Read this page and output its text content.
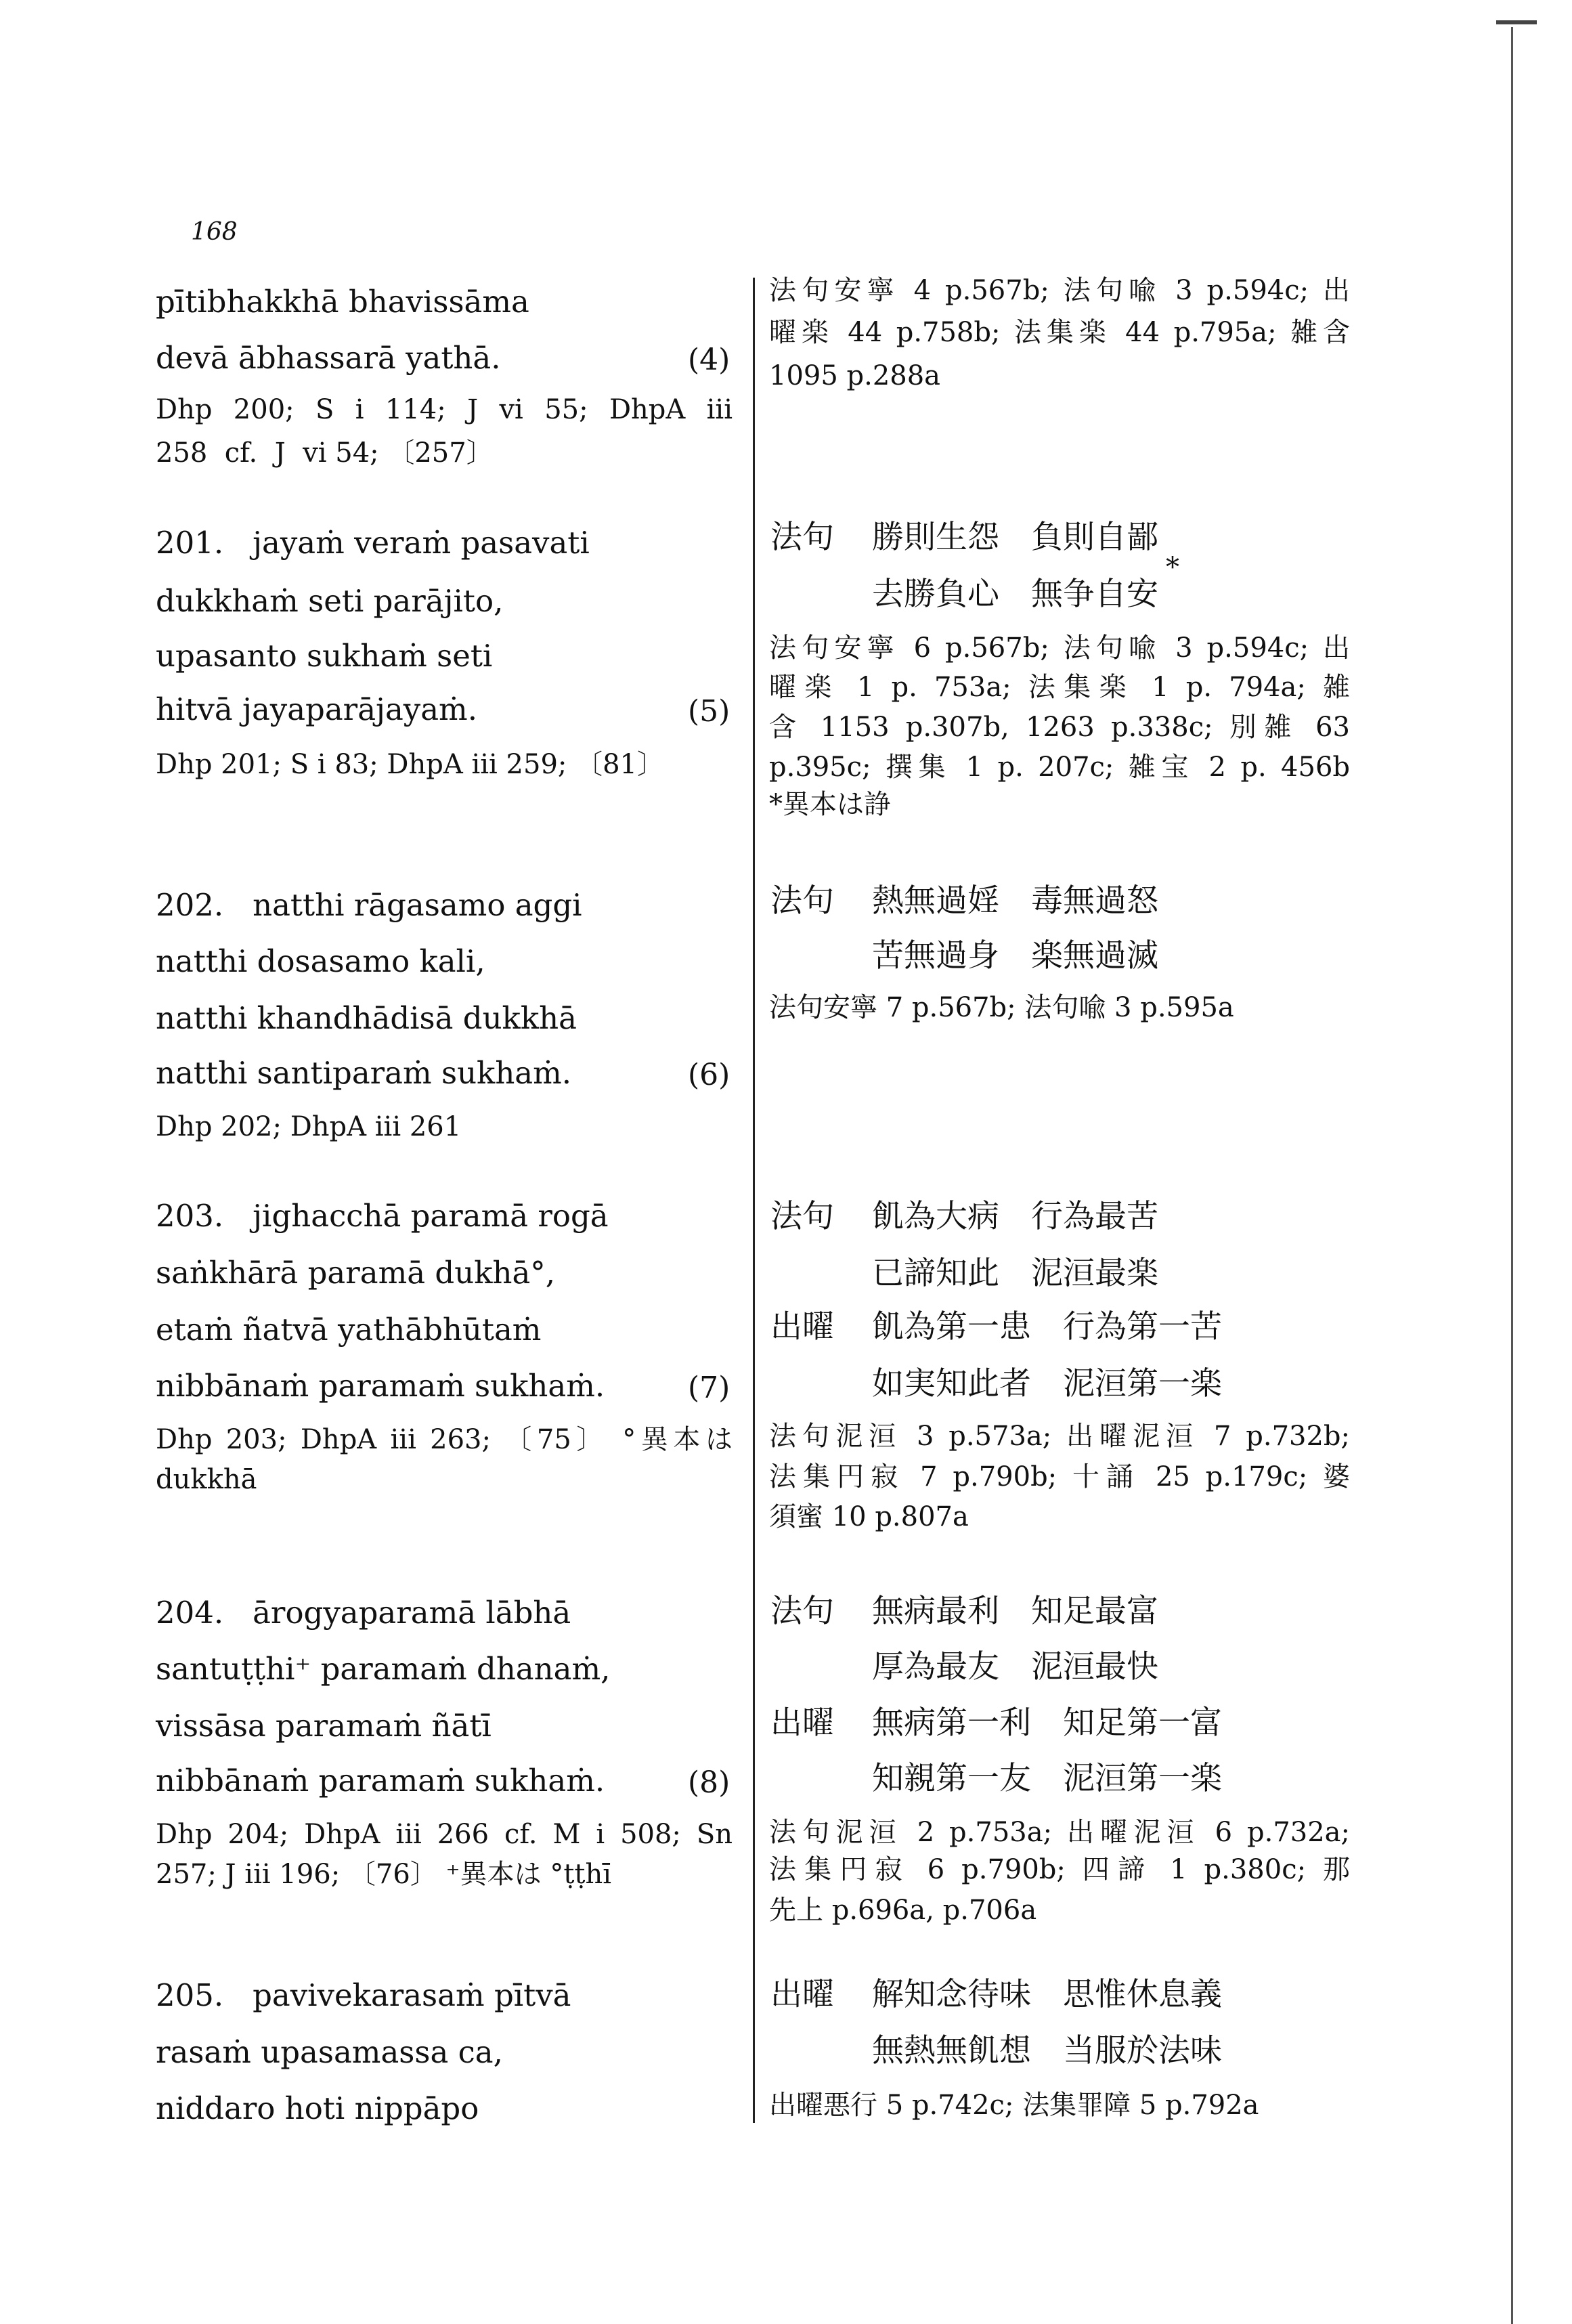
168
pītibhakkhā bhavissāma
devā ābhassarā yathā.
Dhp 200; S i 114; J vi 55; DhpA iii
258  cf.  J  vi 54; 〔257〕
201.   jayaṁ veraṁ pasavati
dukkhaṁ seti parājito,
upasanto sukhaṁ seti
hitvā jayaparājayaṁ.
Dhp 201; S i 83; DhpA iii 259; 〔81〕
202.   natthi rāgasamo aggi
natthi dosasamo kali,
natthi khandhādisā dukkhā
natthi santiparaṁ sukhaṁ.
Dhp 202; DhpA iii 261
203.   jighacchā paramā rogā
saṅkhārā paramā dukhā°,
etaṁ ñatvā yathābhūtaṁ
nibbānaṁ paramaṁ sukhaṁ.
Dhp 203; DhpA iii 263; 〔75〕 °異本は
dukkhā
204.   ārogyaparamā lābhā
santuṭṭhi⁺ paramaṁ dhanaṁ,
vissāsa paramaṁ ñātī
nibbānaṁ paramaṁ sukhaṁ.
Dhp 204; DhpA iii 266 cf. M i 508; Sn
257; J iii 196; 〔76〕 ⁺異本は °ṭṭhī
205.   pavivekarasaṁ pītvā
rasaṁ upasamassa ca,
niddaro hoti nippāpo
(4)
(5)
(6)
(7)
(8)
法句安寧 4 p.567b; 法句喩 3 p.594c; 出
曜楽 44 p.758b; 法集楽 44 p.795a; 雑含
1095 p.288a
法句 勝則生怨　負則自鄙
去勝負心　無争自安
法句安寧 6 p.567b; 法句喩 3 p.594c; 出
曜楽 1 p. 753a; 法集楽 1 p. 794a; 雑
含 1153 p.307b, 1263 p.338c; 別雑 63
p.395c; 撰集 1 p. 207c; 雑宝 2 p. 456b
*異本は諍
法句 熱無過婬　毒無過怒
苦無過身　楽無過滅
法句安寧 7 p.567b; 法句喩 3 p.595a
法句 飢為大病　行為最苦
已諦知此　泥洹最楽
出曜 飢為第一患　行為第一苦
如実知此者　泥洹第一楽
法句泥洹 3 p.573a; 出曜泥洹 7 p.732b;
法集円寂 7 p.790b; 十誦 25 p.179c; 婆
須蜜 10 p.807a
法句 無病最利　知足最富
厚為最友　泥洹最快
出曜 無病第一利　知足第一富
知親第一友　泥洹第一楽
法句泥洹 2 p.753a; 出曜泥洹 6 p.732a;
法集円寂 6 p.790b; 四諦 1 p.380c; 那
先上 p.696a, p.706a
出曜 解知念待味　思惟休息義
無熱無飢想　当服於法味
出曜悪行 5 p.742c; 法集罪障 5 p.792a
*
